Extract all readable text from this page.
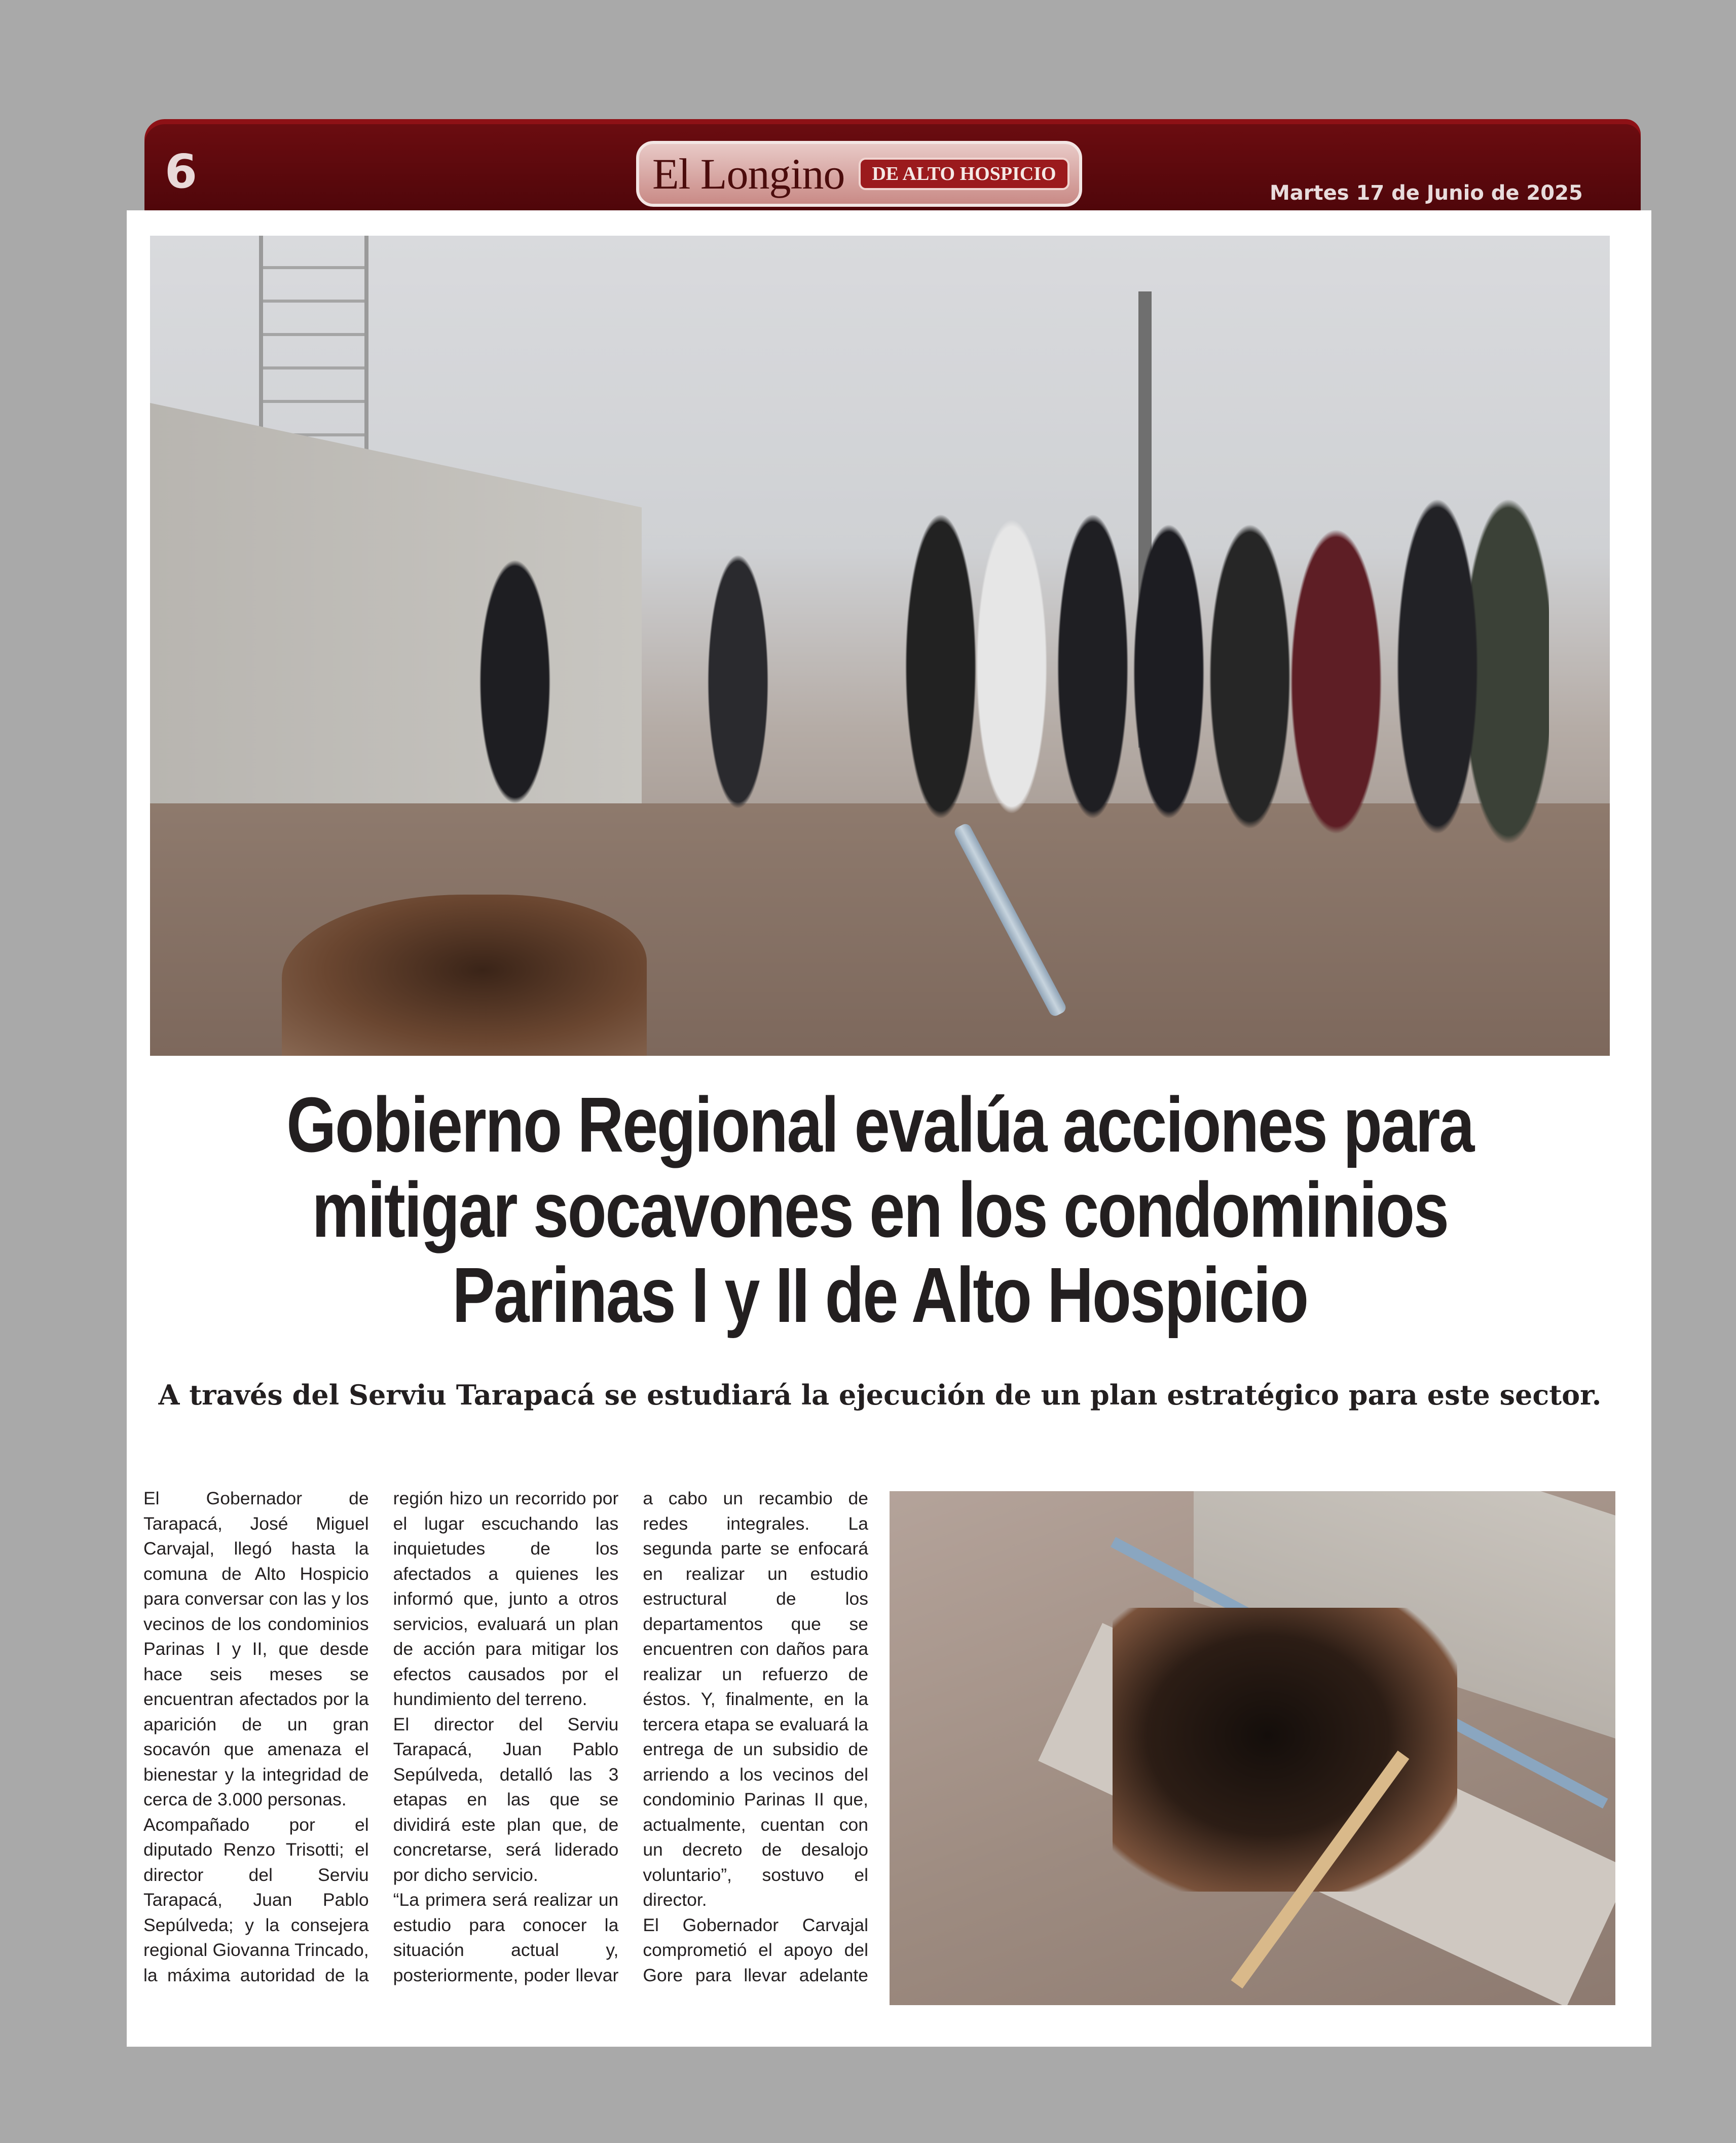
6	El Longino	DE ALTO HOSPICIO
Martes 17 de Junio de 2025
Gobierno Regional evalúa acciones para mitigar socavones en los condominios Parinas I y II de Alto Hospicio
A través del Serviu Tarapacá se estudiará la ejecución de un plan estratégico para este sector.

El Gobernador de Tarapacá, José Miguel Carvajal, llegó hasta la comuna de Alto Hospicio para conversar con las y los vecinos de los condominios Parinas I y II, que desde hace seis meses se encuentran afectados por la aparición de un gran socavón que amenaza el bienestar y la integridad de cerca de 3.000 personas.

Acompañado por el diputado Renzo Trisotti; el director del Serviu Tarapacá, Juan Pablo Sepúlveda; y la consejera regional Giovanna Trincado, la máxima autoridad de la región hizo un recorrido por el lugar escuchando las inquietudes de los afectados a quienes les informó que, junto a otros servicios, evaluará un plan de acción para mitigar los efectos causados por el hundimiento del terreno.

El director del Serviu Tarapacá, Juan Pablo Sepúlveda, detalló las 3 etapas en las que se dividirá este plan que, de concretarse, será liderado por dicho servicio.

“La primera será realizar un estudio para conocer la situación actual y, posteriormente, poder llevar a cabo un recambio de redes integrales. La segunda parte se enfocará en realizar un estudio estructural de los departamentos que se encuentren con daños para realizar un refuerzo de éstos. Y, finalmente, en la tercera etapa se evaluará la entrega de un subsidio de arriendo a los vecinos del condominio Parinas II que, actualmente, cuentan con un decreto de desalojo voluntario”, sostuvo el director.

El Gobernador Carvajal comprometió el apoyo del Gore para llevar adelante
